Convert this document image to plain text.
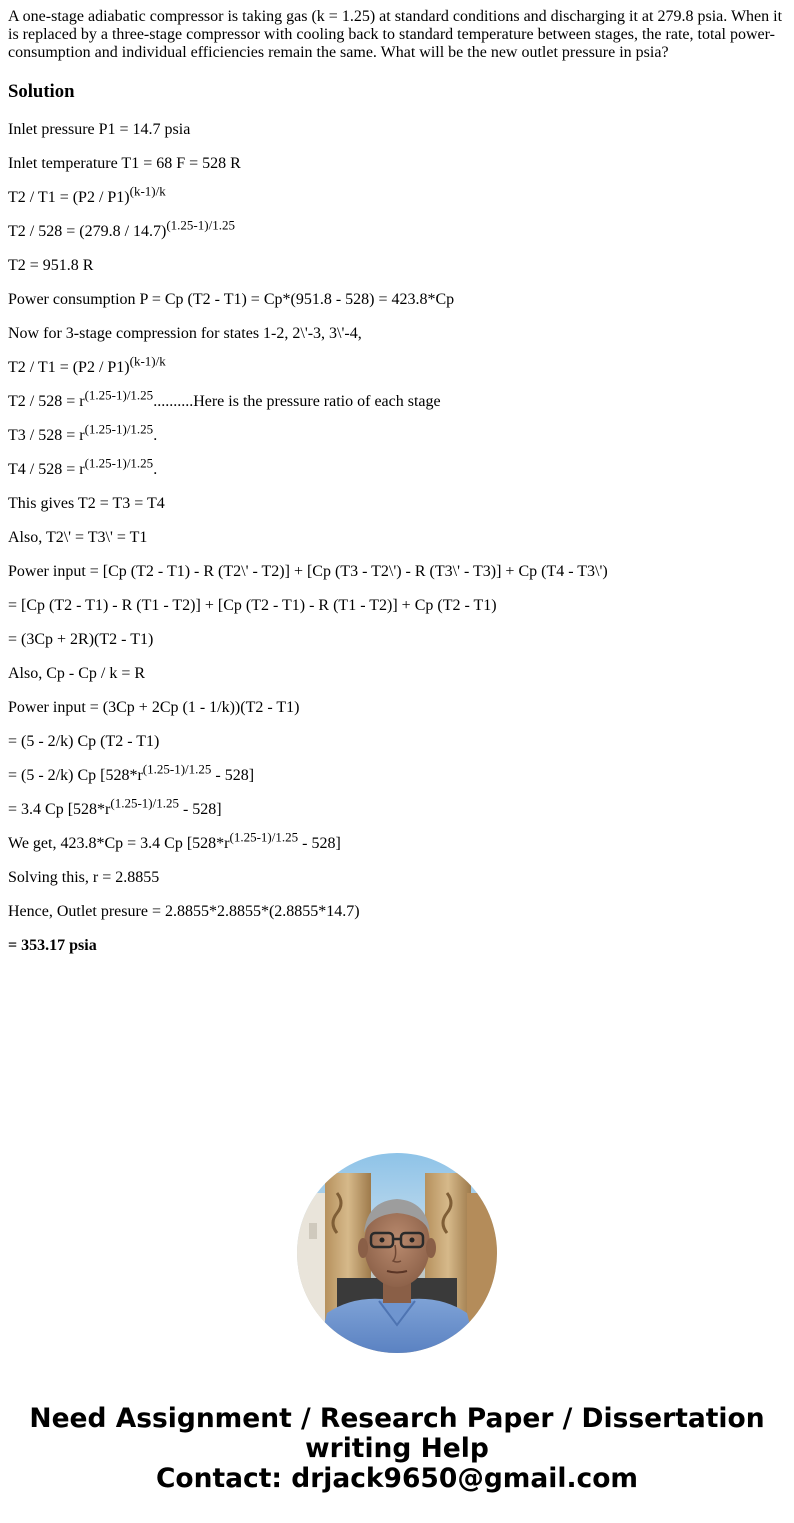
A one-stage adiabatic compressor is taking gas (k = 1.25) at standard conditions and discharging it at 279.8 psia. When it is replaced by a three-stage compressor with cooling back to standard temperature between stages, the rate, total power-consumption and individual efficiencies remain the same. What will be the new outlet pressure in psia?

Solution

Inlet pressure P1 = 14.7 psia

Inlet temperature T1 = 68 F = 528 R

T2 / T1 = (P2 / P1)$^{(k-1)/k}$

T2 / 528 = (279.8 / 14.7)$^{(1.25-1)/1.25}$

T2 = 951.8 R

Power consumption P = Cp (T2 - T1) = Cp*(951.8 - 528) = 423.8*Cp

Now for 3-stage compression for states 1-2, 2\'-3, 3\'-4,

T2 / T1 = (P2 / P1)$^{(k-1)/k}$

$T2 / 528 = r^{(1.25-1)/1.25}..........Here$ is the pressure ratio of each stage

$T3 / 528 = r^{(1.25-1)/1.25}$.

$T4 / 528 = r^{(1.25-1)/1.25}$.

This gives T2 = T3 = T4

Also, T2\' = T3\' = T1

Power input = [Cp (T2 - T1) - R (T2\' - T2)] + [Cp (T3 - T2\') - R (T3\' - T3)] + Cp (T4 - T3\')

= [Cp (T2 - T1) - R (T1 - T2)] + [Cp (T2 - T1) - R (T1 - T2)] + Cp (T2 - T1)

= (3Cp + 2R)(T2 - T1)

Also, Cp - Cp / k = R

Power input = (3Cp + 2Cp (1 - 1/k))(T2 - T1)

= (5 - 2/k) Cp (T2 - T1)

= (5 - 2/k) Cp $[528*r^{(1.25-1)/1.25} - 528]$

= 3.4 Cp $[528*r^{(1.25-1)/1.25} - 528]$

We get, 423.8*Cp = 3.4 Cp $[528*r^{(1.25-1)/1.25} - 528]$

Solving this, r = 2.8855

Hence, Outlet presure = 2.8855*2.8855*(2.8855*14.7)

= 353.17 psia

Need Assignment / Research Paper / Dissertation
writing Help
Contact: drjack9650@gmail.com
